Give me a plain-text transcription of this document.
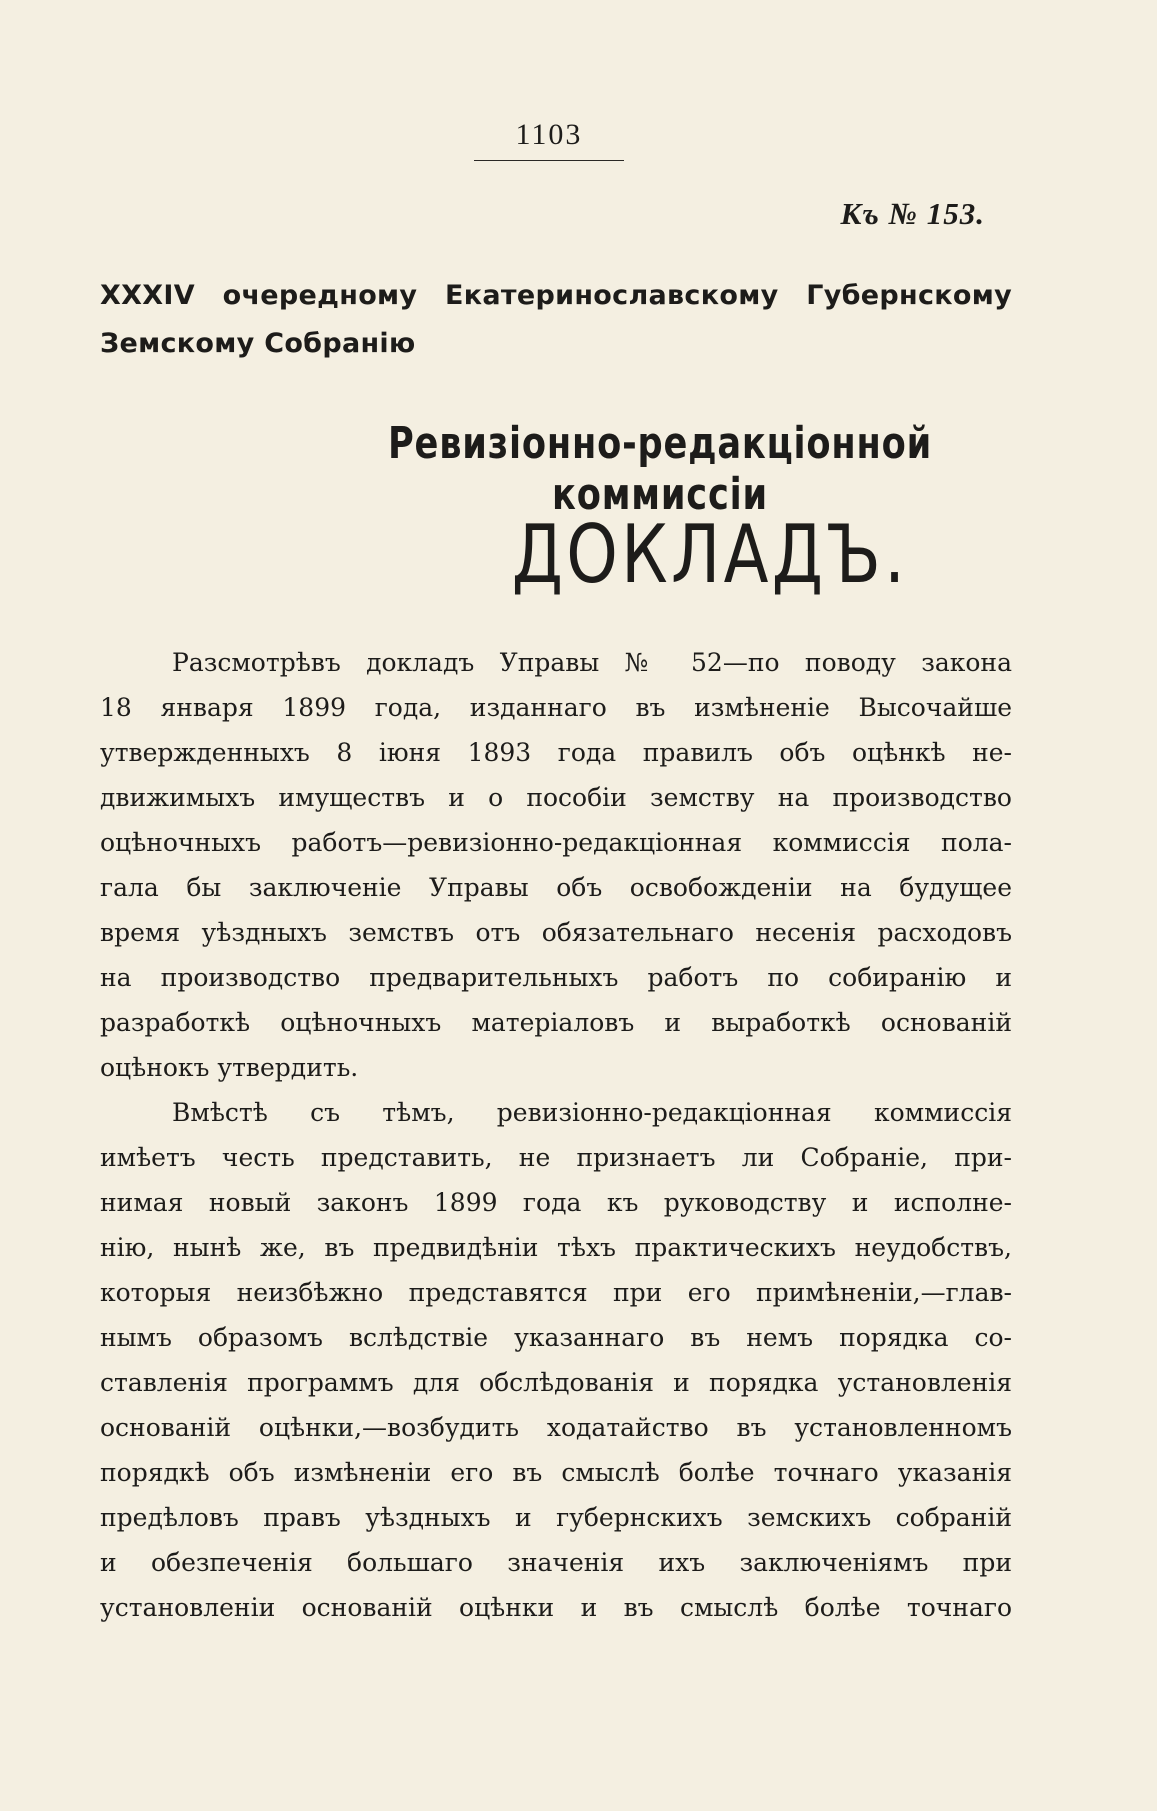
1103
Къ № 153.
XXXIV очередному Екатеринославскому Губернскому Земскому Собранію
Ревизіонно-редакціонной коммиссіи
ДОКЛАДЪ.
Разсмотрѣвъ докладъ Управы № 52—по поводу закона
18 января 1899 года, изданнаго въ измѣненіе Высочайше
утвержденныхъ 8 іюня 1893 года правилъ объ оцѣнкѣ не-
движимыхъ имуществъ и о пособіи земству на производство
оцѣночныхъ работъ—ревизіонно-редакціонная коммиссія пола-
гала бы заключеніе Управы объ освобожденіи на будущее
время уѣздныхъ земствъ отъ обязательнаго несенія расходовъ
на производство предварительныхъ работъ по собиранію и
разработкѣ оцѣночныхъ матеріаловъ и выработкѣ основаній
оцѣнокъ утвердить.
Вмѣстѣ съ тѣмъ, ревизіонно-редакціонная коммиссія
имѣетъ честь представить, не признаетъ ли Собраніе, при-
нимая новый законъ 1899 года къ руководству и исполне-
нію, нынѣ же, въ предвидѣніи тѣхъ практическихъ неудобствъ,
которыя неизбѣжно представятся при его примѣненіи,—глав-
нымъ образомъ вслѣдствіе указаннаго въ немъ порядка со-
ставленія программъ для обслѣдованія и порядка установленія
основаній оцѣнки,—возбудить ходатайство въ установленномъ
порядкѣ объ измѣненіи его въ смыслѣ болѣе точнаго указанія
предѣловъ правъ уѣздныхъ и губернскихъ земскихъ собраній
и обезпеченія большаго значенія ихъ заключеніямъ при
установленіи основаній оцѣнки и въ смыслѣ болѣе точнаго
